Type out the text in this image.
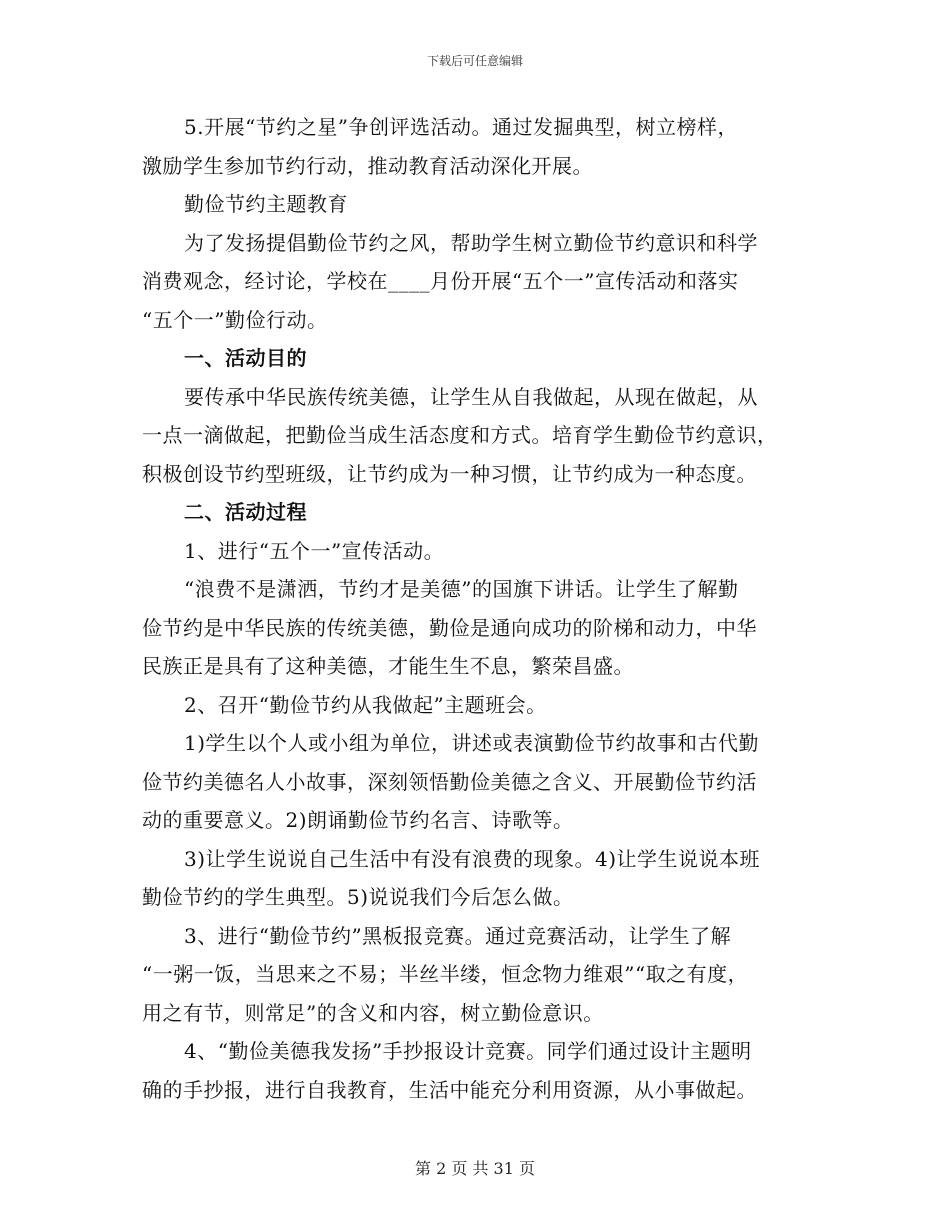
下载后可任意编辑
5.开展“节约之星”争创评选活动。通过发掘典型，树立榜样，
激励学生参加节约行动，推动教育活动深化开展。
勤俭节约主题教育
为了发扬提倡勤俭节约之风，帮助学生树立勤俭节约意识和科学
消费观念，经讨论，学校在____月份开展“五个一”宣传活动和落实
“五个一”勤俭行动。
一、活动目的
要传承中华民族传统美德，让学生从自我做起，从现在做起，从
一点一滴做起，把勤俭当成生活态度和方式。培育学生勤俭节约意识，
积极创设节约型班级，让节约成为一种习惯，让节约成为一种态度。
二、活动过程
1、进行“五个一”宣传活动。
“浪费不是潇洒，节约才是美德”的国旗下讲话。让学生了解勤
俭节约是中华民族的传统美德，勤俭是通向成功的阶梯和动力，中华
民族正是具有了这种美德，才能生生不息，繁荣昌盛。
2、召开“勤俭节约从我做起”主题班会。
1)学生以个人或小组为单位，讲述或表演勤俭节约故事和古代勤
俭节约美德名人小故事，深刻领悟勤俭美德之含义、开展勤俭节约活
动的重要意义。2)朗诵勤俭节约名言、诗歌等。
3)让学生说说自己生活中有没有浪费的现象。4)让学生说说本班
勤俭节约的学生典型。5)说说我们今后怎么做。
3、进行“勤俭节约”黑板报竞赛。通过竞赛活动，让学生了解
“一粥一饭，当思来之不易；半丝半缕，恒念物力维艰”“取之有度，
用之有节，则常足”的含义和内容，树立勤俭意识。
4、“勤俭美德我发扬”手抄报设计竞赛。同学们通过设计主题明
确的手抄报，进行自我教育，生活中能充分利用资源，从小事做起。
第 2 页 共 31 页
